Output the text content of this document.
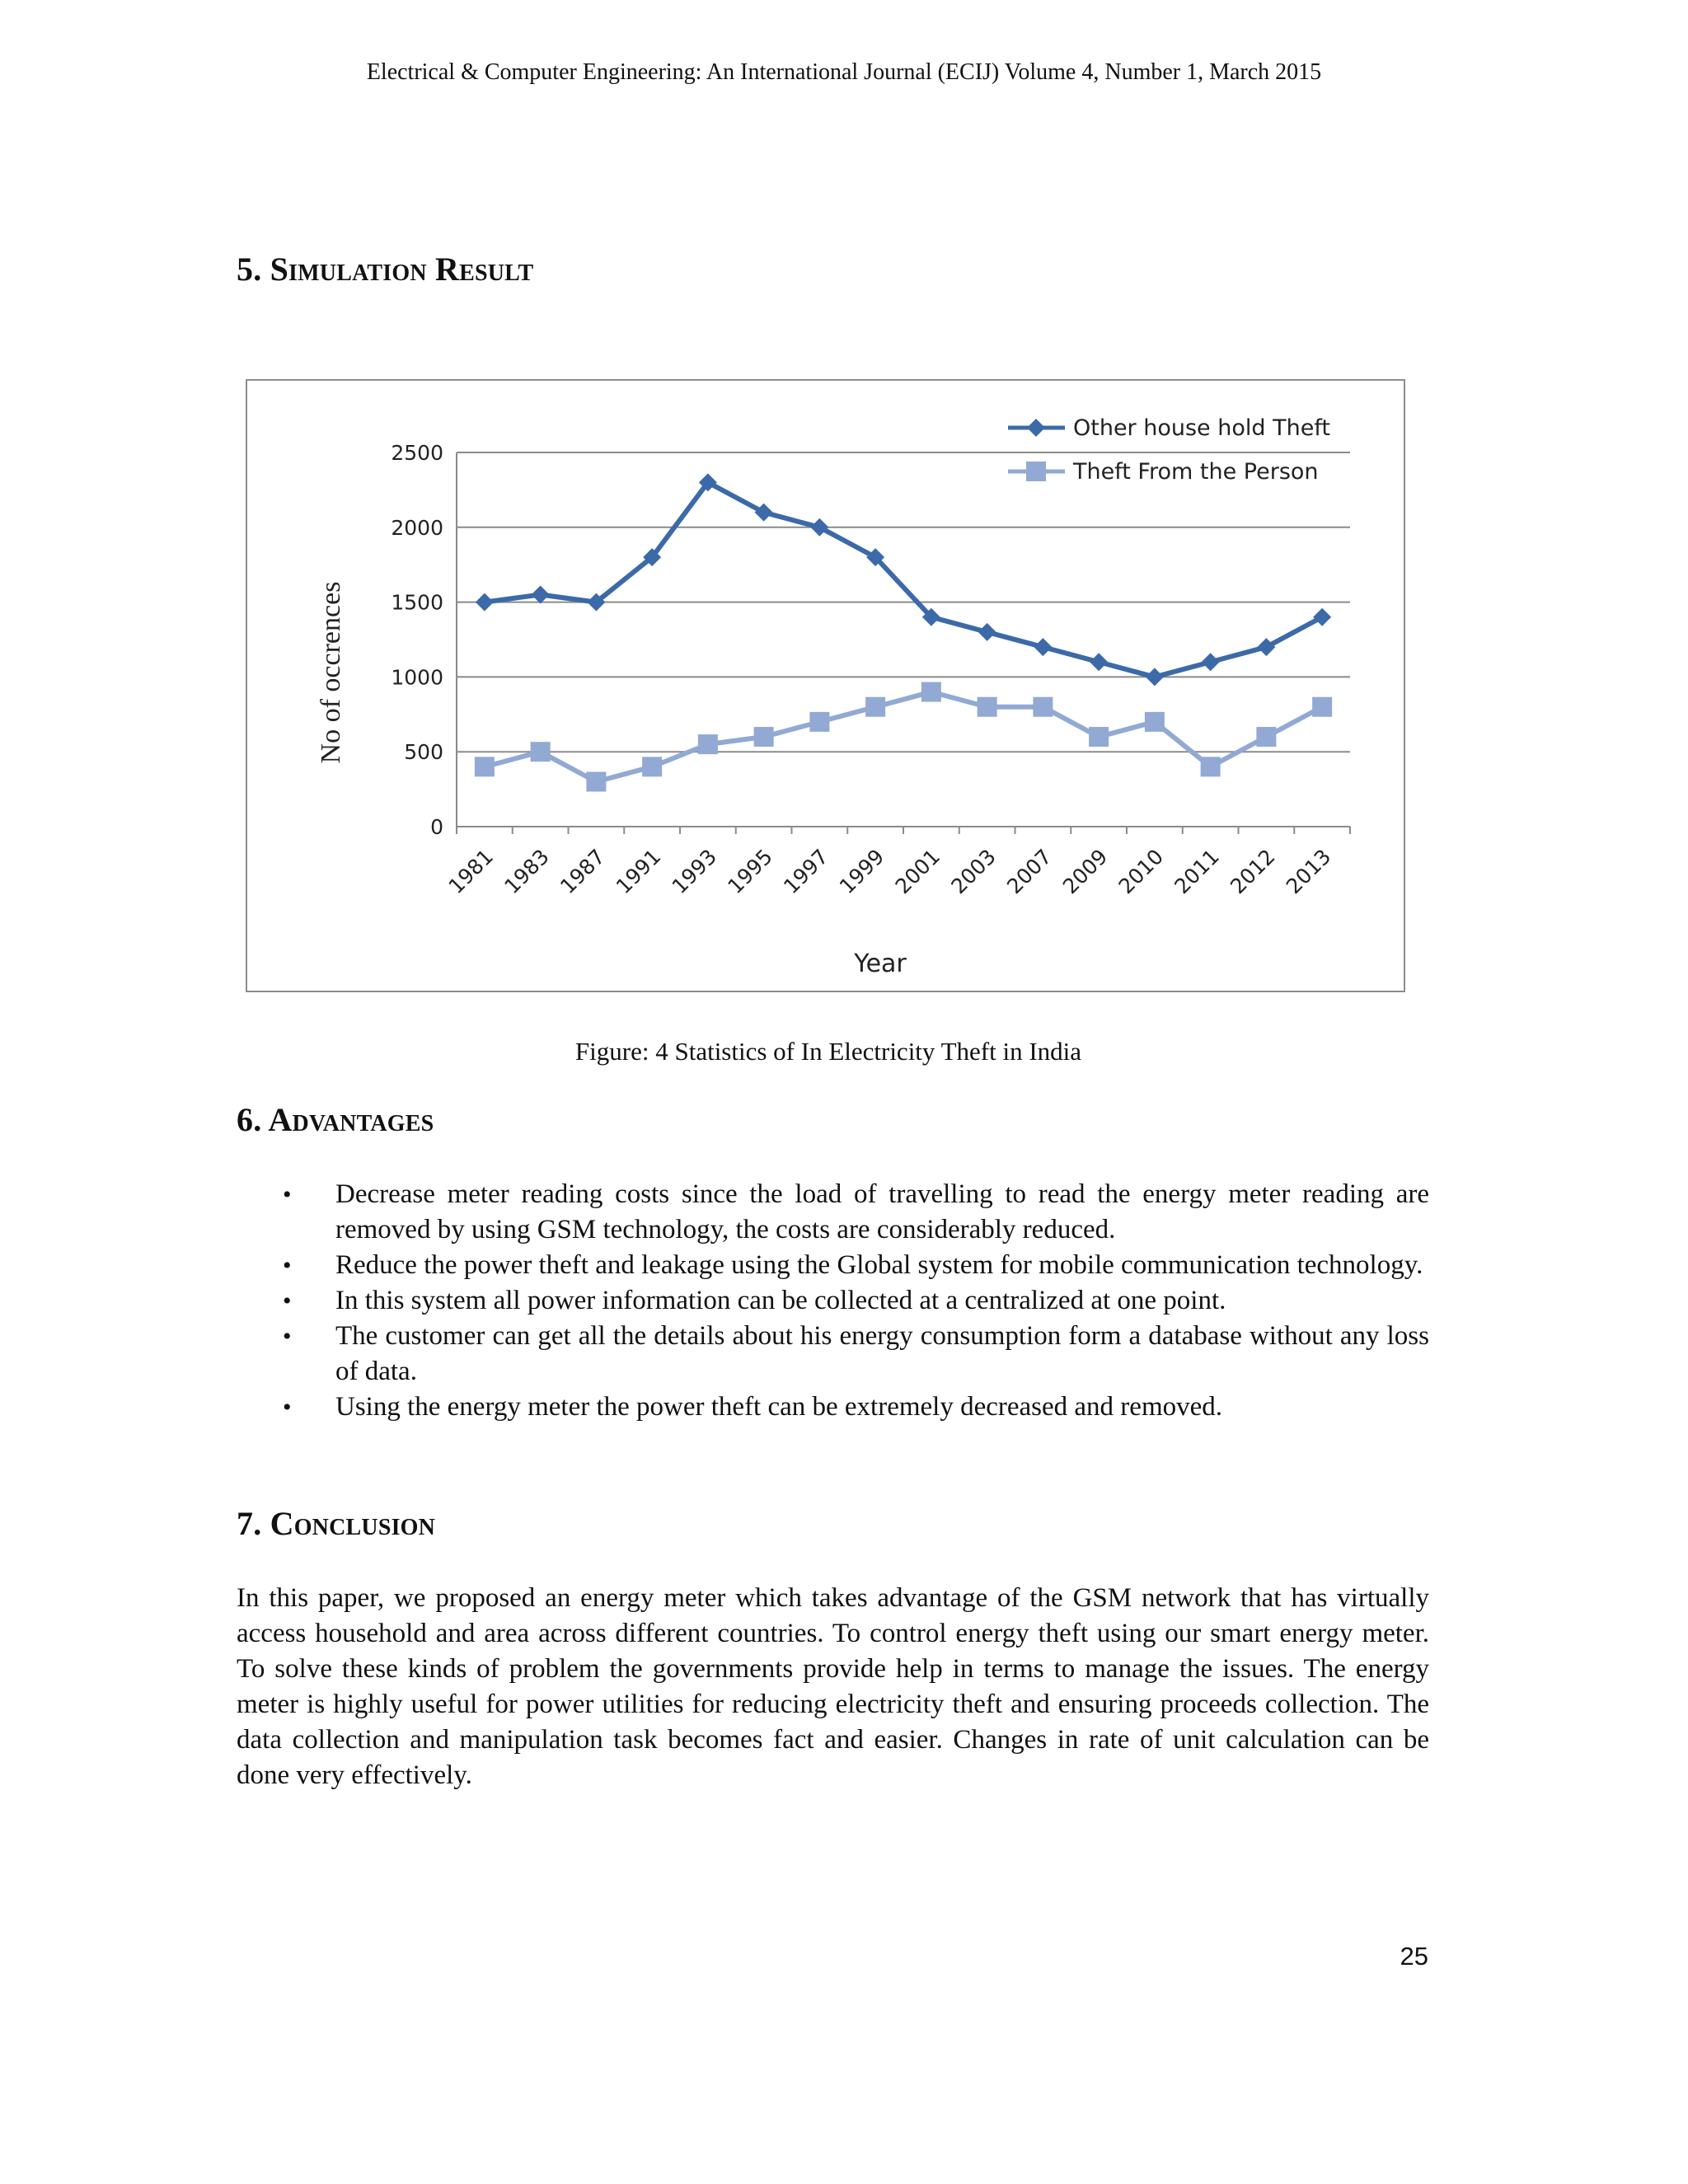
Electrical & Computer Engineering: An International Journal (ECIJ) Volume 4, Number 1, March 2015
5. Simulation Result
0
500
1000
1500
2000
2500
1981 1983 1987 1991 1993 1995 1997 1999 2001 2003 2007 2009 2010 2011 2012 2013
Year
No of occrences
Other house hold Theft
Theft From the Person
Figure: 4 Statistics of In Electricity Theft in India
6. Advantages
• Decrease meter reading costs since the load of travelling to read the energy meter reading are removed by using GSM technology, the costs are considerably reduced.
• Reduce the power theft and leakage using the Global system for mobile communication technology.
• In this system all power information can be collected at a centralized at one point.
• The customer can get all the details about his energy consumption form a database without any loss of data.
• Using the energy meter the power theft can be extremely decreased and removed.
7. Conclusion

In this paper, we proposed an energy meter which takes advantage of the GSM network that has virtually access household and area across different countries. To control energy theft using our smart energy meter. To solve these kinds of problem the governments provide help in terms to manage the issues. The energy meter is highly useful for power utilities for reducing electricity theft and ensuring proceeds collection. The data collection and manipulation task becomes fact and easier. Changes in rate of unit calculation can be done very effectively.

25
